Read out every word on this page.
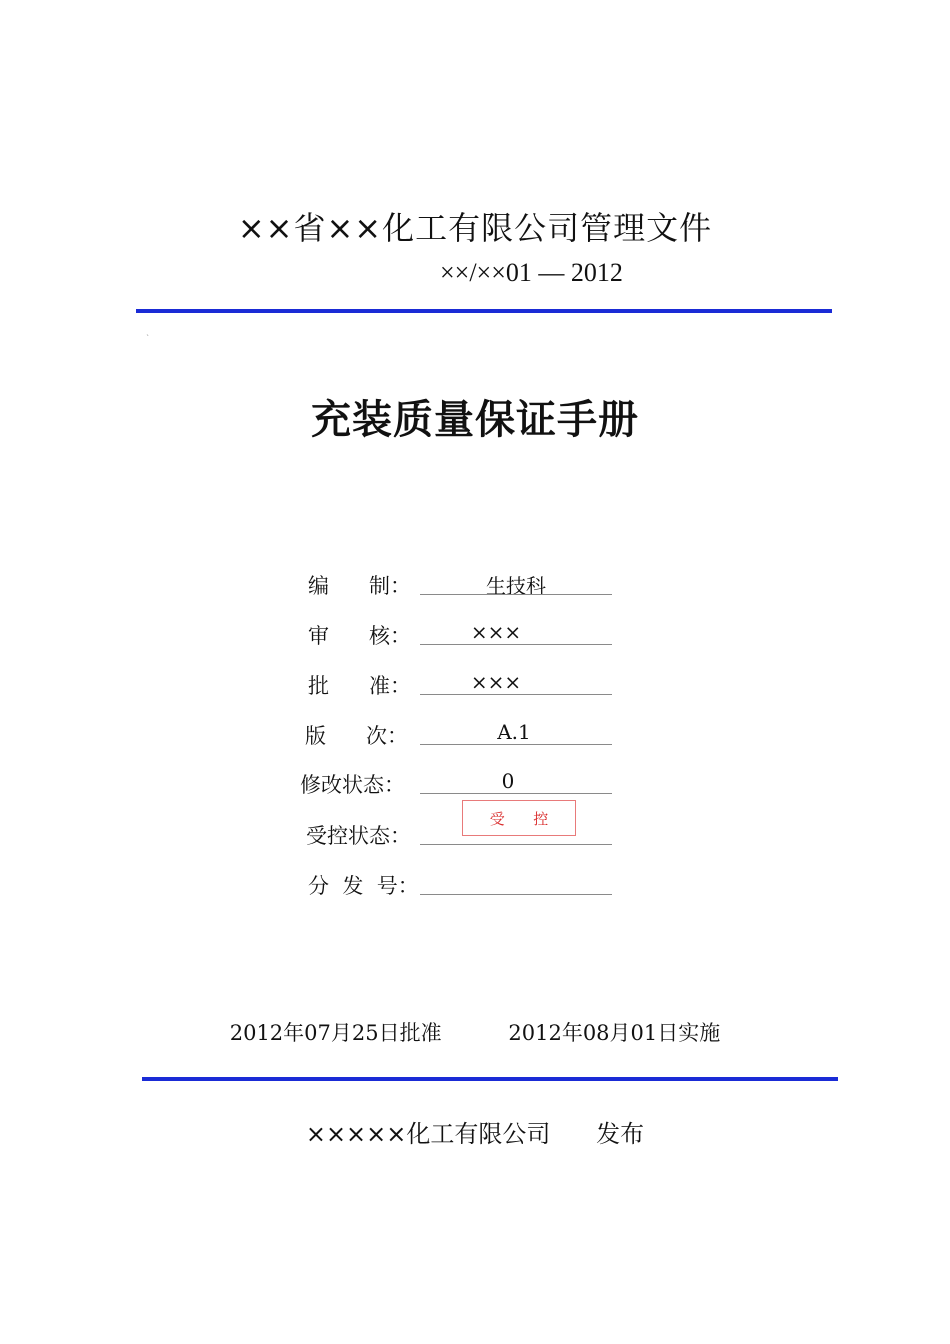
××省××化工有限公司管理文件
××/××01 — 2012
`
充装质量保证手册
编      制：	生技科
审      核：	×××
批      准：	×××
版      次：	A.1
修改状态：	0
受控状态：
分  发  号：
受      控
2012年07月25日批准	2012年08月01日实施
×××××化工有限公司 发布
